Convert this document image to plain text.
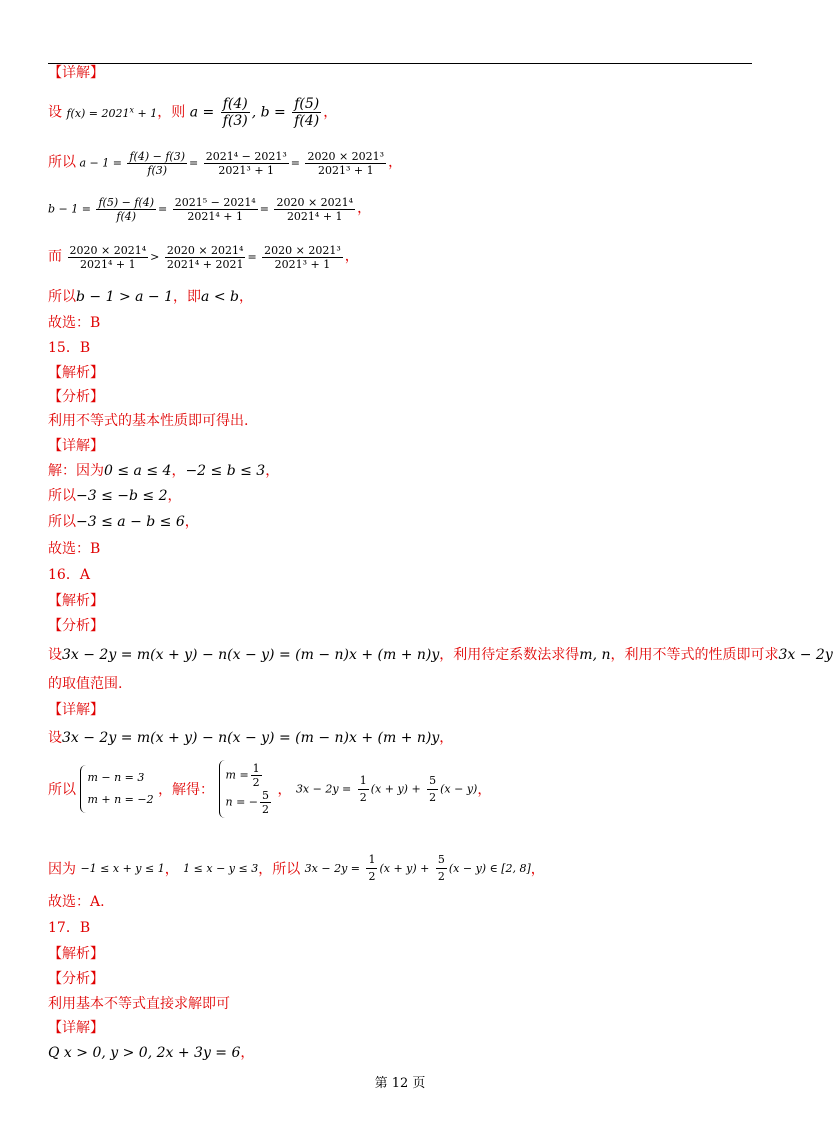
【详解】
设 $f(x) = 2021^x + 1$，则 $a = \frac{f(4)}{f(3)}$ , $b = \frac{f(5)}{f(4)}$ ，
所以 $a - 1 = \frac{f(4) - f(3)}{f(3)} = \frac{\text{2021⁴ − 2021³}}{\text{2021³ + 1}} = \frac{\text{2020 × 2021³}}{\text{2021³ + 1}}$ ，
$b - 1 = \frac{f(5) - f(4)}{f(4)} = \frac{\text{2021⁵ − 2021⁴}}{\text{2021⁴ + 1}} = \frac{\text{2020 × 2021⁴}}{\text{2021⁴ + 1}}$ ，
而 $\frac{\text{2020 × 2021⁴}}{\text{2021⁴ + 1}} > \frac{\text{2020 × 2021⁴}}{\text{2021⁴ + 2021}} = \frac{\text{2020 × 2021³}}{\text{2021³ + 1}}$ ，
所以b − 1 > a − 1，即a < b，
故选：B
15．B
【解析】
【分析】
利用不等式的基本性质即可得出.
【详解】
解：因为0 ≤ a ≤ 4，−2 ≤ b ≤ 3，
所以−3 ≤ −b ≤ 2，
所以−3 ≤ a − b ≤ 6，
故选：B
16．A
【解析】
【分析】
设3x − 2y = m(x + y) − n(x − y) = (m − n)x + (m + n)y，利用待定系数法求得m, n，利用不等式的性质即可求3x − 2y
的取值范围.
【详解】
设3x − 2y = m(x + y) − n(x − y) = (m − n)x + (m + n)y，
所以
m − n = 3
m + n = −2
，解得：
$m = \frac{1}{2}$
n = − $\frac{5}{2}$ ， $3x - 2y = \frac{1}{2} (x + y) + \frac{5}{2} (x - y)$，
因为 −1 ≤ x + y ≤ 1， 1 ≤ x − y ≤ 3，所以 $3x - 2y = \frac{1}{2} (x + y) + \frac{5}{2} (x - y)$ ∈ [2, 8]，
故选：A.
17．B
【解析】
【分析】
利用基本不等式直接求解即可
【详解】
Q x > 0, y > 0, 2x + 3y = 6，
第 12 页
